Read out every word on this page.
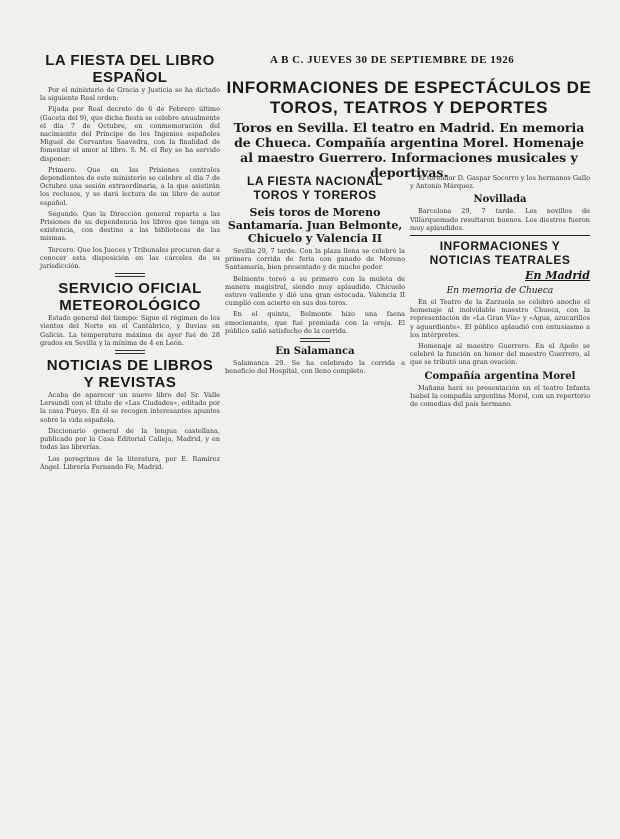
A B C. JUEVES 30 DE SEPTIEMBRE DE 1926
INFORMACIONES DE ESPECTÁCULOS DE TOROS, TEATROS Y DEPORTES
Toros en Sevilla. El teatro en Madrid. En memoria de Chueca. Compañía argentina Morel. Homenaje al maestro Guerrero. Informaciones musicales y deportivas.
LA FIESTA DEL LIBRO ESPAÑOL

Por el ministerio de Gracia y Justicia se ha dictado la siguiente Real orden:

Fijada por Real decreto de 6 de Febrero último (Gaceta del 9), que dicha fiesta se celebre anualmente el día 7 de Octubre, en conmemoración del nacimiento del Príncipe de los Ingenios españoles Miguel de Cervantes Saavedra, con la finalidad de fomentar el amor al libro. S. M. el Rey se ha servido disponer:

Primero. Que en las Prisiones centrales dependientes de este ministerio se celebre el día 7 de Octubre una sesión extraordinaria, a la que asistirán los reclusos, y se dará lectura de un libro de autor español.

Segundo. Que la Dirección general reparta a las Prisiones de su dependencia los libros que tenga en existencia, con destino a las bibliotecas de las mismas.

Tercero. Que los Jueces y Tribunales procuren dar a conocer esta disposición en las cárceles de su jurisdicción.

SERVICIO OFICIAL METEOROLÓGICO

Estado general del tiempo: Sigue el régimen de los vientos del Norte en el Cantábrico, y lluvias en Galicia. La temperatura máxima de ayer fué de 28 grados en Sevilla y la mínima de 4 en León.

NOTICIAS DE LIBROS Y REVISTAS

Acaba de aparecer un nuevo libro del Sr. Valle Lersundi con el título de «Las Ciudades», editado por la casa Pueyo. En él se recogen interesantes apuntes sobre la vida española.

Diccionario general de la lengua castellana, publicado por la Casa Editorial Calleja, Madrid, y en todas las librerías.

Los peregrinos de la literatura, por E. Ramírez Ángel. Librería Fernando Fe, Madrid.

LA FIESTA NACIONAL TOROS Y TOREROS
Seis toros de Moreno Santamaría. Juan Belmonte, Chicuelo y Valencia II

Sevilla 29, 7 tarde. Con la plaza llena se celebró la primera corrida de feria con ganado de Moreno Santamaría, bien presentado y de mucho poder.

Belmonte toreó a su primero con la muleta de manera magistral, siendo muy aplaudido. Chicuelo estuvo valiente y dió una gran estocada. Valencia II cumplió con acierto en sus dos toros.

En el quinto, Belmonte hizo una faena emocionante, que fué premiada con la oreja. El público salió satisfecho de la corrida.

En Salamanca

Salamanca 29. Se ha celebrado la corrida a beneficio del Hospital, con lleno completo.

El toreador D. Gaspar Socorro y los hermanos Gallo y Antonio Márquez.

Novillada

Barcelona 29, 7 tarde. Los novillos de Villarquemado resultaron buenos. Los diestros fueron muy aplaudidos.

INFORMACIONES Y NOTICIAS TEATRALES
En Madrid
En memoria de Chueca

En el Teatro de la Zarzuela se celebró anoche el homenaje al inolvidable maestro Chueca, con la representación de «La Gran Vía» y «Agua, azucarillos y aguardiente». El público aplaudió con entusiasmo a los intérpretes.

Homenaje al maestro Guerrero. En el Apolo se celebró la función en honor del maestro Guerrero, al que se tributó una gran ovación.

Compañía argentina Morel

Mañana hará su presentación en el teatro Infanta Isabel la compañía argentina Morel, con un repertorio de comedias del país hermano.
